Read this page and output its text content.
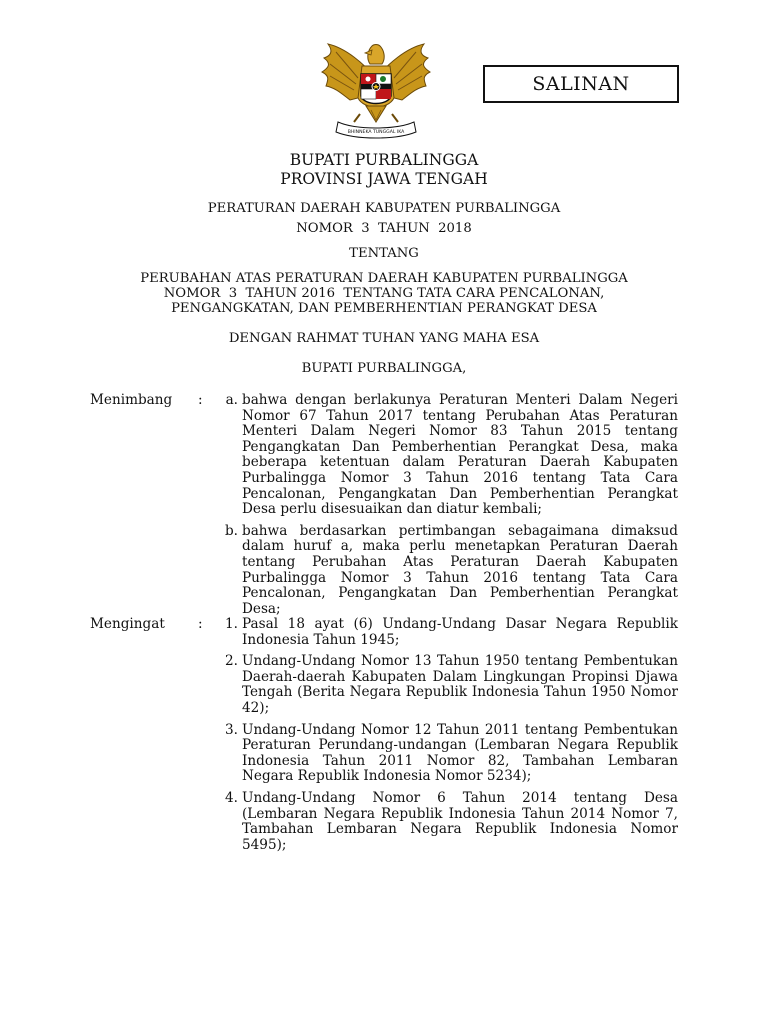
BHINNEKA TUNGGAL IKA
SALINAN
BUPATI PURBALINGGA
PROVINSI JAWA TENGAH
PERATURAN DAERAH KABUPATEN PURBALINGGA
NOMOR  3  TAHUN  2018
TENTANG
PERUBAHAN ATAS PERATURAN DAERAH KABUPATEN PURBALINGGA
NOMOR  3  TAHUN 2016  TENTANG TATA CARA PENCALONAN,
PENGANGKATAN, DAN PEMBERHENTIAN PERANGKAT DESA
DENGAN RAHMAT TUHAN YANG MAHA ESA
BUPATI PURBALINGGA,
Menimbang :	a. bahwa dengan berlakunya Peraturan Menteri Dalam Negeri Nomor 67 Tahun 2017 tentang Perubahan Atas Peraturan Menteri Dalam Negeri Nomor 83 Tahun 2015 tentang Pengangkatan Dan Pemberhentian Perangkat Desa, maka beberapa ketentuan dalam Peraturan Daerah Kabupaten Purbalingga Nomor 3 Tahun 2016 tentang Tata Cara Pencalonan, Pengangkatan Dan Pemberhentian Perangkat Desa perlu disesuaikan dan diatur kembali;
b. bahwa berdasarkan pertimbangan sebagaimana dimaksud dalam huruf a, maka perlu menetapkan Peraturan Daerah tentang Perubahan Atas Peraturan Daerah Kabupaten Purbalingga Nomor 3 Tahun 2016 tentang Tata Cara Pencalonan, Pengangkatan Dan Pemberhentian Perangkat Desa;
Mengingat :	1. Pasal 18 ayat (6) Undang-Undang Dasar Negara Republik Indonesia Tahun 1945;
2. Undang-Undang Nomor 13 Tahun 1950 tentang Pembentukan Daerah-daerah Kabupaten Dalam Lingkungan Propinsi Djawa Tengah (Berita Negara Republik Indonesia Tahun 1950 Nomor 42);
3. Undang-Undang Nomor 12 Tahun 2011 tentang Pembentukan Peraturan Perundang-undangan (Lembaran Negara Republik Indonesia Tahun 2011 Nomor 82, Tambahan Lembaran Negara Republik Indonesia Nomor 5234);
4. Undang-Undang Nomor 6 Tahun 2014 tentang Desa (Lembaran Negara Republik Indonesia Tahun 2014 Nomor 7, Tambahan Lembaran Negara Republik Indonesia Nomor 5495);
